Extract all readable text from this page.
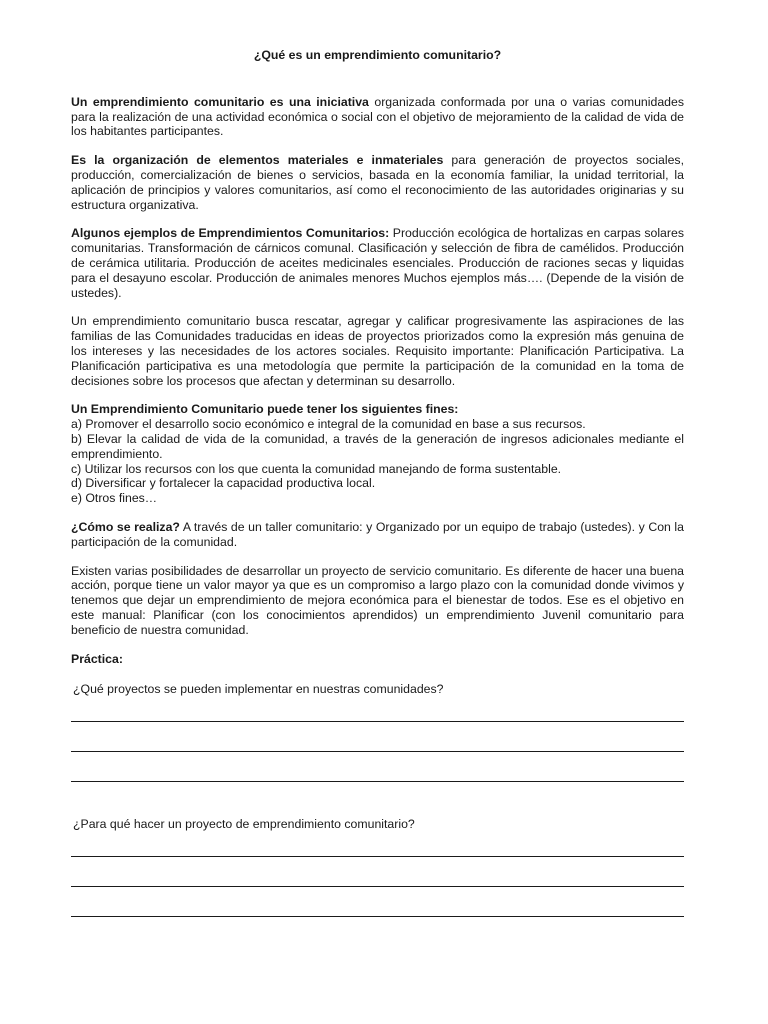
¿Qué es un emprendimiento comunitario?

Un emprendimiento comunitario es una iniciativa organizada conformada por una o varias comunidades para la realización de una actividad económica o social con el objetivo de mejoramiento de la calidad de vida de los habitantes participantes.

Es la organización de elementos materiales e inmateriales para generación de proyectos sociales, producción, comercialización de bienes o servicios, basada en la economía familiar, la unidad territorial, la aplicación de principios y valores comunitarios, así como el reconocimiento de las autoridades originarias y su estructura organizativa.

Algunos ejemplos de Emprendimientos Comunitarios: Producción ecológica de hortalizas en carpas solares comunitarias. Transformación de cárnicos comunal. Clasificación y selección de fibra de camélidos. Producción de cerámica utilitaria. Producción de aceites medicinales esenciales. Producción de raciones secas y liquidas para el desayuno escolar. Producción de animales menores Muchos ejemplos más…. (Depende de la visión de ustedes).

Un emprendimiento comunitario busca rescatar, agregar y calificar progresivamente las aspiraciones de las familias de las Comunidades traducidas en ideas de proyectos priorizados como la expresión más genuina de los intereses y las necesidades de los actores sociales. Requisito importante: Planificación Participativa. La Planificación participativa es una metodología que permite la participación de la comunidad en la toma de decisiones sobre los procesos que afectan y determinan su desarrollo.

Un Emprendimiento Comunitario puede tener los siguientes fines:

a) Promover el desarrollo socio económico e integral de la comunidad en base a sus recursos.

b) Elevar la calidad de vida de la comunidad, a través de la generación de ingresos adicionales mediante el emprendimiento.

c) Utilizar los recursos con los que cuenta la comunidad manejando de forma sustentable.

d) Diversificar y fortalecer la capacidad productiva local.

e) Otros fines…

¿Cómo se realiza? A través de un taller comunitario: y Organizado por un equipo de trabajo (ustedes). y Con la participación de la comunidad.

Existen varias posibilidades de desarrollar un proyecto de servicio comunitario. Es diferente de hacer una buena acción, porque tiene un valor mayor ya que es un compromiso a largo plazo con la comunidad donde vivimos y tenemos que dejar un emprendimiento de mejora económica para el bienestar de todos. Ese es el objetivo en este manual: Planificar (con los conocimientos aprendidos) un emprendimiento Juvenil comunitario para beneficio de nuestra comunidad.

Práctica:

¿Qué proyectos se pueden implementar en nuestras comunidades?

¿Para qué hacer un proyecto de emprendimiento comunitario?
